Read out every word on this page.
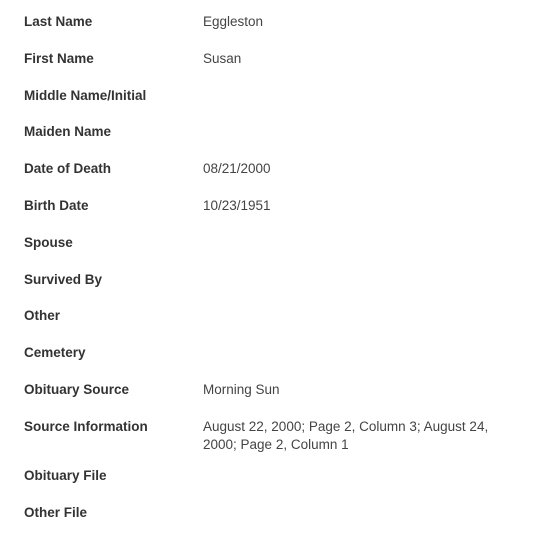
Last Name	Eggleston
First Name	Susan
Middle Name/Initial
Maiden Name
Date of Death	08/21/2000
Birth Date	10/23/1951
Spouse
Survived By
Other
Cemetery
Obituary Source	Morning Sun
Source Information	August 22, 2000; Page 2, Column 3; August 24, 2000; Page 2, Column 1
Obituary File
Other File
